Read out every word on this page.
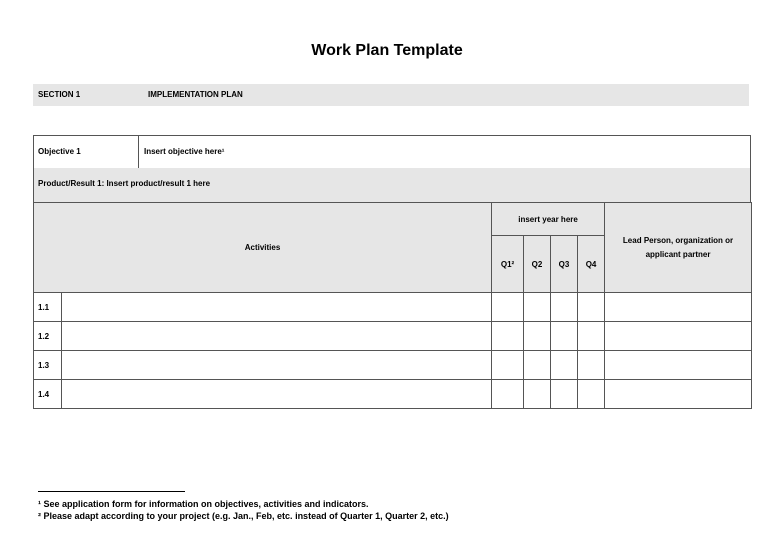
Work Plan Template
SECTION 1	IMPLEMENTATION PLAN
Objective 1	Insert objective here¹
Product/Result 1: Insert product/result 1 here
Activities		insert year here				Lead Person, organization or applicant partner
		Q1²	Q2	Q3	Q4	
1.1						
1.2						
1.3						
1.4						
¹ See application form for information on objectives, activities and indicators.
² Please adapt according to your project (e.g. Jan., Feb, etc. instead of Quarter 1, Quarter 2, etc.)
